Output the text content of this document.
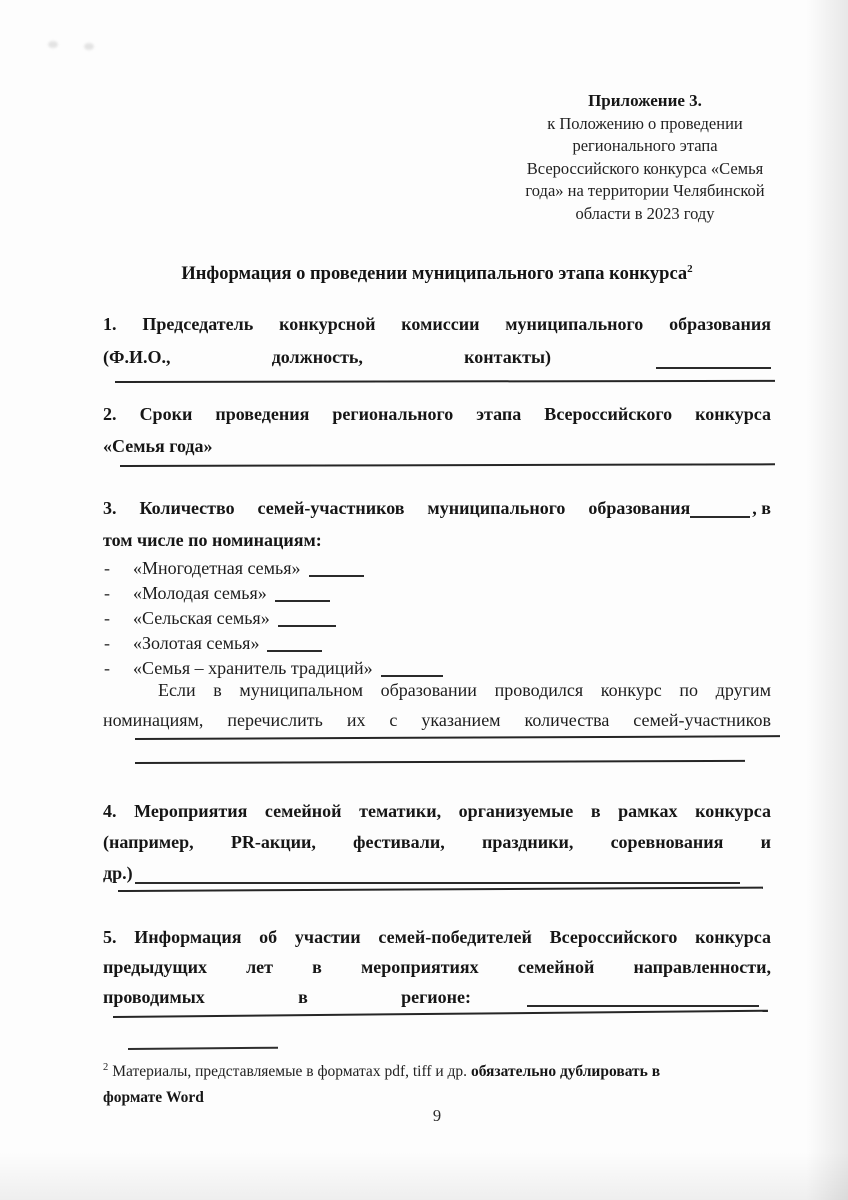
Приложение 3.
к Положению о проведении
регионального этапа
Всероссийского конкурса «Семья
года» на территории Челябинской
области в 2023 году
Информация о проведении муниципального этапа конкурса$^2$
1. Председатель конкурсной комиссии муниципального образования
(Ф.И.О., должность, контакты)
2. Сроки проведения регионального этапа Всероссийского конкурса
«Семья года»
3. Количество семей-участников муниципального образования	, в
том числе по номинациям:
-	«Многодетная семья»
-	«Молодая семья»
-	«Сельская семья»
-	«Золотая семья»
-	«Семья – хранитель традиций»
Если в муниципальном образовании проводился конкурс по другим
номинациям, перечислить их с указанием количества семей-участников
4. Мероприятия семейной тематики, организуемые в рамках конкурса
(например, PR-акции, фестивали, праздники, соревнования и
др.)
5. Информация об участии семей-победителей Всероссийского конкурса
предыдущих лет в мероприятиях семейной направленности,
проводимых в регионе:
$^2$ Материалы, представляемые в форматах pdf, tiff и др. обязательно дублировать в
формате Word
9
